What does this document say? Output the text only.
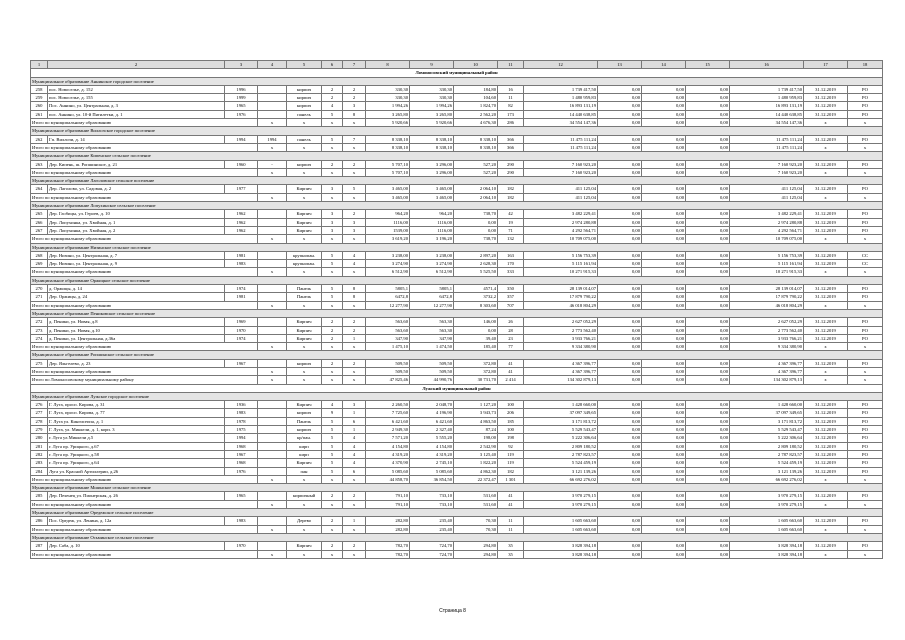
1	2	3	4	5	6	7	8	9	10	11	12	13	14	15	16	17	18
Ломоносовский муниципальный район																	
Муниципальное образование Аннинское городское поселение																	
258	пос. Новоселье, д. 152	1996		кирпич	2	2	330,30	330,30	184,80	16	1 739 417,50	0,00	0,00	0,00	1 739 417,50	31.12.2019	РО
259	пос. Новоселье, д. 155	1999		кирпич	2	2	330,30	330,30	104,60	11	1 480 959,83	0,00	0,00	0,00	1 480 959,83	31.12.2019	РО
260	Пос. Аннино, ул. Центральная, д. 3	1965		кирпич	4	3	1 994,26	1 994,26	1 824,70	82	16 893 131,19	0,00	0,00	0,00	16 893 131,19	31.12.2019	РО
261	пос. Аннино, ул. 10-й Пятилетки, д. 1	1976		панель	5	8	3 265,80	3 265,80	2 562,20	173	14 440 638,85	0,00	0,00	0,00	14 440 638,85	31.12.2019	РО
Итого по муниципальному образованию			x	x	x	x	5 920,66	5 920,66	4 676,30	286	34 554 147,36	0,00	0,00	0,00	34 554 147,36	x	x
Муниципальное образование Виллозское городское поселение																	
262	Гп. Виллози, д. 14	1994	1994	панель	5	7	8 338,10	8 338,10	8 338,10	366	11 475 111,24	0,00	0,00	0,00	11 475 111,24	31.12.2019	РО
Итого по муниципальному образованию			x	x	x	x	8 338,10	8 338,10	8 338,10	366	11 475 111,24	0,00	0,00	0,00	11 475 111,24	x	x
Муниципальное образование Кипенское сельское поселение																	
263	Дер. Кипень, ш. Ропшинское, д. 21	1960	-	кирпич	2	2	5 707,10	3 296,00	527,20	290	7 160 923,20	0,00	0,00	0,00	7 160 923,20	31.12.2019	РО
Итого по муниципальному образованию			x	x	x	x	5 707,10	3 296,00	527,20	290	7 160 923,20	0,00	0,00	0,00	7 160 923,20	x	x
Муниципальное образование Лаголовское сельское поселение																	
264	Дер. Лаголово, ул. Садовая, д. 2	1977		Кирпич	3	5	3 465,00	3 465,00	2 064,10	182	411 125,04	0,00	0,00	0,00	411 125,04	31.12.2019	РО
Итого по муниципальному образованию			x	x	x	x	3 465,00	3 465,00	2 064,10	182	411 125,04	0,00	0,00	0,00	411 125,04	x	x
Муниципальное образование Лопухинское сельское поселение																	
265	Дер. Глобицы, ул. Героев, д. 10	1962		Кирпич	3	2	964,20	964,20	738,70	42	3 482 229,41	0,00	0,00	0,00	3 482 229,41	31.12.2019	РО
266	Дер. Лопухинка, ул. Хвойная, д. 1	1962		Кирпич	3	3	1116,00	1116,00	0,00	19	2 974 280,88	0,00	0,00	0,00	2 974 280,88	31.12.2019	РО
267	Дер. Лопухинка, ул. Хвойная, д. 2	1962		Кирпич	3	3	1539,00	1116,00	0,00	71	4 292 564,71	0,00	0,00	0,00	4 292 564,71	31.12.2019	РО
Итого по муниципальному образованию			x	x	x	x	3 619,20	3 196,20	738,70	132	10 709 075,00	0,00	0,00	0,00	10 709 075,00	x	x
Муниципальное образование Низинское сельское поселение																	
268	Дер. Низино, ул. Центральная, д. 7	1981		крупнопан.	5	4	3 238,00	3 238,00	2 897,20	163	5 156 753,39	0,00	0,00	0,00	5 156 753,39	31.12.2019	СС
269	Дер. Низино, ул. Центральная, д. 9	1983		крупнопан.	5	4	3 274,90	3 274,90	2 628,30	170	5 115 161,94	0,00	0,00	0,00	5 115 161,94	31.12.2019	СС
Итого по муниципальному образованию			x	x	x	x	6 512,90	6 512,90	5 525,50	333	10 271 915,33	0,00	0,00	0,00	10 271 915,33	x	x
Муниципальное образование Оржицкое сельское поселение																	
270	д. Оржицы, д. 14	1974		Панель	5	8	5805,1	5805,1	4571,4	350	28 139 014,07	0,00	0,00	0,00	28 139 014,07	31.12.2019	РО
271	Дер. Оржицы, д. 24	1981		Панель	5	8	6472,8	6472,8	3732,2	357	17 879 790,22	0,00	0,00	0,00	17 879 790,22	31.12.2019	РО
Итого по муниципальному образованию			x	x	x	x	12 277,90	12 277,90	8 303,60	707	46 018 804,29	0,00	0,00	0,00	46 018 804,29	x	x
Муниципальное образование Пениковское сельское поселение																	
272	д. Пеники, ул. Новая, д.8	1969		Кирпич	2	2	563,60	563,30	146,00	26	2 627 052,29	0,00	0,00	0,00	2 627 052,29	31.12.2019	РО
273	д. Пеники, ул. Новая, д.10	1970		Кирпич	2	2	563,60	563,30	0,00	28	2 773 562,40	0,00	0,00	0,00	2 773 562,40	31.12.2019	РО
274	д. Пеники, ул. Центральная, д.36а	1974		Кирпич	2	1	347,90	347,90	39,40	23	3 933 766,21	0,00	0,00	0,00	3 933 766,21	31.12.2019	РО
Итого по муниципальному образованию			x	x	x	x	1 475,10	1 474,50	185,40	77	9 334 380,90	0,00	0,00	0,00	9 334 380,90	x	x
Муниципальное образование Ропшинское сельское поселение																	
275	Дер. Яльгелево, д. 23	1967		кирпич	2	2	509,50	509,50	372,80	41	4 367 396,77	0,00	0,00	0,00	4 367 396,77	31.12.2019	РО
Итого по муниципальному образованию			x	x	x	x	509,50	509,50	372,80	41	4 367 396,77	0,00	0,00	0,00	4 367 396,77	x	x
Итого по Ломоносовскому муниципальному району			x	x	x	x	47 825,46	44 990,76	30 731,70	2 414	134 302 879,13	0,00	0,00	0,00	134 302 879,13	x	x
Лужский муниципальный район																	
Муниципальное образование Лужское городское поселение																	
276	Г. Луга, просп. Кирова, д. 31	1936		Кирпич	4	3	2 260,50	2 048,70	1 127,20	100	1 428 660,00	0,00	0,00	0,00	1 428 660,00	31.12.2019	РО
277	Г. Луга, просп. Кирова, д. 77	1983		кирпич	9	1	7 725,60	4 196,90	3 943,73	206	37 097 349,65	0,00	0,00	0,00	37 097 349,65	31.12.2019	РО
278	Г. Луга ул. Кингисеппа, д. 1	1978		Панель	5	6	6 421,60	6 421,60	4 863,50	185	3 171 813,72	0,00	0,00	0,00	3 171 813,72	31.12.2019	РО
279	Г. Луга, ул. Миккели, д. 1, корп. 3	1975		кирпич	5	1	2 949,30	2 327,40	87,24	100	5 529 543,47	0,00	0,00	0,00	5 529 543,47	31.12.2019	РО
280	г. Луга ул.Миккели д.5	1994		кр/пан.	5	4	7 571,20	5 555,20	198,00	198	5 222 306,64	0,00	0,00	0,00	5 222 306,64	31.12.2019	РО
281	г. Луга пр. Урицкого, д.67	1968		кирп	5	4	4 154,80	4 154,80	2 542,90	92	2 809 180,52	0,00	0,00	0,00	2 809 180,52	31.12.2019	РО
282	г. Луга пр. Урицкого, д.58	1967		кирп	5	4	4 319,20	4 319,20	3 125,40	119	2 787 823,57	0,00	0,00	0,00	2 787 823,57	31.12.2019	РО
283	г. Луга пр. Урицкого, д.64	1968		Кирпич	5	4	4 370,90	2 745,10	1 822,20	119	5 524 459,19	0,00	0,00	0,00	5 524 459,19	31.12.2019	РО
284	Луга ул. Красной Артиллерии, д.26	1976		пан	5	6	5 085,60	5 085,60	4 862,30	182	3 121 139,26	0,00	0,00	0,00	3 121 139,26	31.12.2019	РО
Итого по муниципальному образованию			x	x	x	x	44 858,70	36 854,50	22 372,47	1 301	66 692 276,02	0,00	0,00	0,00	66 692 276,02	x	x
Муниципальное образование Мшинское сельское поселение																	
285	Дер. Пехенец ул. Пионерская, д. 26	1965		кирпичный	2	2	791,10	733,10	531,60	41	3 970 279,15	0,00	0,00	0,00	3 970 279,15	31.12.2019	РО
Итого по муниципальному образованию			x	x	x	x	791,10	733,10	531,60	41	3 970 279,15	0,00	0,00	0,00	3 970 279,15	x	x
Муниципальное образование Оредежское сельское поселение																	
286	Пос. Оредеж, ул. Ленина, д. 12а	1983		Дерево	2	1	282,80	235,40	70,30	11	1 605 663,60	0,00	0,00	0,00	1 605 663,60	31.12.2019	РО
Итого по муниципальному образованию			x	x	x	x	282,80	235,40	70,30	11	1 605 663,60	0,00	0,00	0,00	1 605 663,60	x	x
Муниципальное образование Осьминское сельское поселение																	
287	Дер. Саба, д. 10	1970		Кирпич	2	2	782,70	724,70	294,80	35	3 828 394,18	0,00	0,00	0,00	3 828 394,18	31.12.2019	РО
Итого по муниципальному образованию			x	x	x	x	782,70	724,70	294,80	35	3 828 394,18	0,00	0,00	0,00	3 828 394,18	x	x
Страница 8
